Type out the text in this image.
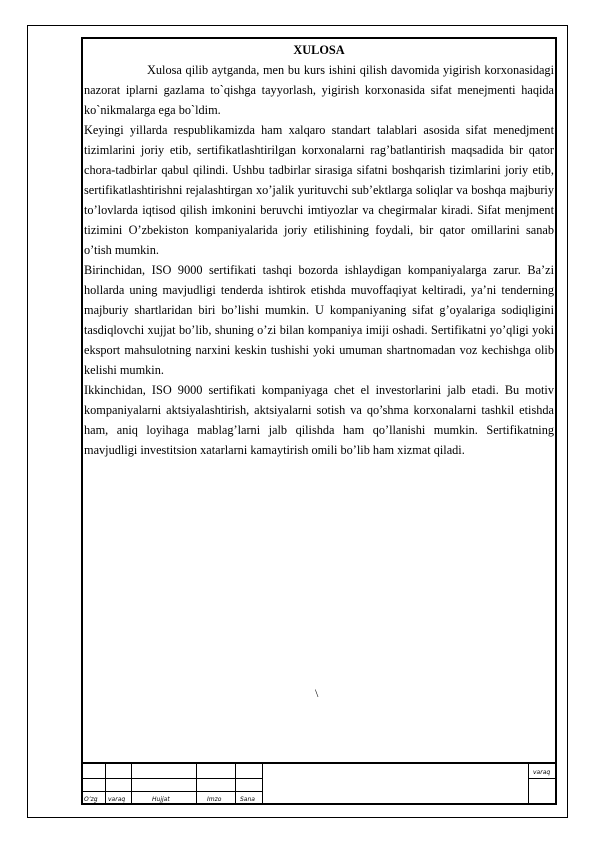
XULOSA

Xulosa qilib aytganda, men bu kurs ishini qilish davomida yigirish korxonasidagi nazorat iplarni gazlama to`qishga tayyorlash, yigirish korxonasida sifat menejmenti haqida ko`nikmalarga ega bo`ldim.

Keyingi yillarda respublikamizda ham xalqaro standart talablari asosida sifat menedjment tizimlarini joriy etib, sertifikatlashtirilgan korxonalarni rag’batlantirish maqsadida bir qator chora-tadbirlar qabul qilindi. Ushbu tadbirlar sirasiga sifatni boshqarish tizimlarini joriy etib, sertifikatlashtirishni rejalashtirgan xo’jalik yurituvchi sub’ektlarga soliqlar va boshqa majburiy to’lovlarda iqtisod qilish imkonini beruvchi imtiyozlar va chegirmalar kiradi. Sifat menjment tizimini O’zbekiston kompaniyalarida joriy etilishining foydali, bir qator omillarini sanab o’tish mumkin.

Birinchidan, ISO 9000 sertifikati tashqi bozorda ishlaydigan kompaniyalarga zarur. Ba’zi hollarda uning mavjudligi tenderda ishtirok etishda muvoffaqiyat keltiradi, ya’ni tenderning majburiy shartlaridan biri bo’lishi mumkin. U kompaniyaning sifat g’oyalariga sodiqligini tasdiqlovchi xujjat bo’lib, shuning o’zi bilan kompaniya imiji oshadi. Sertifikatni yo’qligi yoki eksport mahsulotning narxini keskin tushishi yoki umuman shartnomadan voz kechishga olib kelishi mumkin.

Ikkinchidan, ISO 9000 sertifikati kompaniyaga chet el investorlarini jalb etadi. Bu motiv kompaniyalarni aktsiyalashtirish, aktsiyalarni sotish va qo’shma korxonalarni tashkil etishda ham, aniq loyihaga mablag’larni jalb qilishda ham qo’llanishi mumkin. Sertifikatning mavjudligi investitsion xatarlarni kamaytirish omili bo’lib ham xizmat qiladi.

\
O’zg varaq	Hujjat	Imzo	Sana
varaq
